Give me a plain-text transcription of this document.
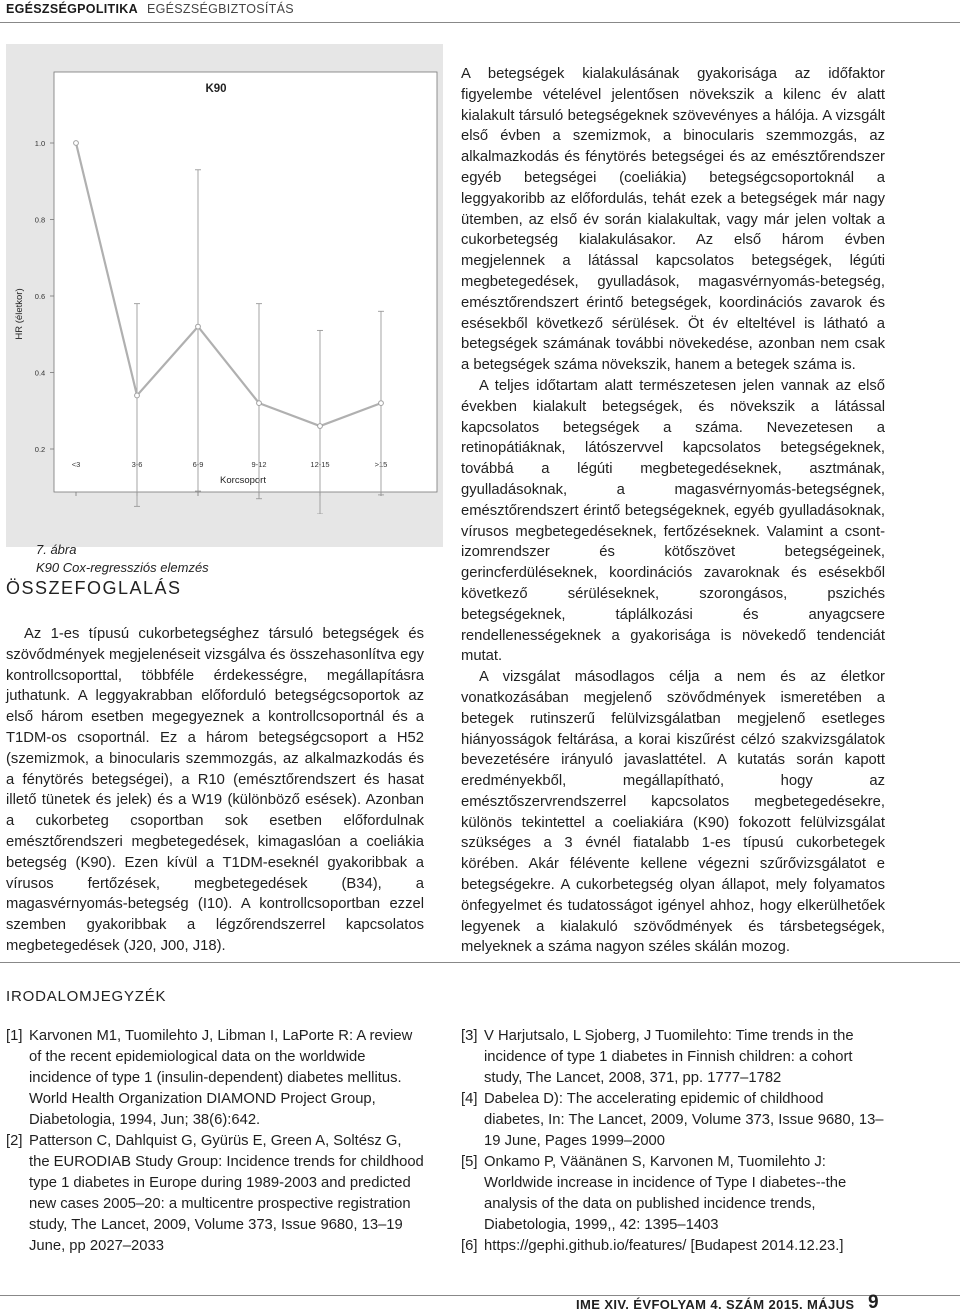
EGÉSZSÉGPOLITIKA EGÉSZSÉGBIZTOSÍTÁS
K90
HR (életkor)
Korcsoport
1.0
0.8
0.6
0.4
0.2
<3	3-6	6-9	9-12	12-15	>15
7. ábra
K90 Cox-regressziós elemzés
ÖSSZEFOGLALÁS

Az 1-es típusú cukorbetegséghez társuló betegségek és szövődmények megjelenéseit vizsgálva és összehasonlítva egy kontrollcsoporttal, többféle érdekességre, megállapításra juthatunk. A leggyakrabban előforduló betegségcsoportok az első három esetben megegyeznek a kontrollcsoportnál és a T1DM-os csoportnál. Ez a három betegségcsoport a H52 (szemizmok, a binocularis szemmozgás, az alkalmazkodás és a fénytörés betegségei), a R10 (emésztőrendszert és hasat illető tünetek és jelek) és a W19 (különböző esések). Azonban a cukorbeteg csoportban sok esetben előfordulnak emésztőrendszeri megbetegedések, kimagaslóan a coeliákia betegség (K90). Ezen kívül a T1DM-eseknél gyakoribbak a vírusos fertőzések, megbetegedések (B34), a magasvérnyomás-betegség (I10). A kontrollcsoportban ezzel szemben gyakoribbak a légzőrendszerrel kapcsolatos megbetegedések (J20, J00, J18).

A betegségek kialakulásának gyakorisága az időfaktor figyelembe vételével jelentősen növekszik a kilenc év alatt kialakult társuló betegségeknek szövevényes a hálója. A vizsgált első évben a szemizmok, a binocularis szemmozgás, az alkalmazkodás és fénytörés betegségei és az emésztőrendszer egyéb betegségei (coeliákia) betegségcsoportoknál a leggyakoribb az előfordulás, tehát ezek a betegségek már nagy ütemben, az első év során kialakultak, vagy már jelen voltak a cukorbetegség kialakulásakor. Az első három évben megjelennek a látással kapcsolatos betegségek, légúti megbetegedések, gyulladások, magasvérnyomás-betegség, emésztőrendszert érintő betegségek, koordinációs zavarok és esésekből következő sérülések. Öt év elteltével is látható a betegségek számának további növekedése, azonban nem csak a betegségek száma növekszik, hanem a betegek száma is.

A teljes időtartam alatt természetesen jelen vannak az első években kialakult betegségek, és növekszik a látással kapcsolatos betegségek a száma. Nevezetesen a retinopátiáknak, látószervvel kapcsolatos betegségeknek, továbbá a légúti megbetegedéseknek, asztmának, gyulladásoknak, a magasvérnyomás-betegségnek, emésztőrendszert érintő betegségeknek, egyéb gyulladásoknak, vírusos megbetegedéseknek, fertőzéseknek. Valamint a csont-izomrendszer és kötőszövet betegségeinek, gerincferdüléseknek, koordinációs zavaroknak és esésekből következő sérüléseknek, szorongásos, pszichés betegségeknek, táplálkozási és anyagcsere rendellenességeknek a gyakorisága is növekedő tendenciát mutat.

A vizsgálat másodlagos célja a nem és az életkor vonatkozásában megjelenő szövődmények ismeretében a betegek rutinszerű felülvizsgálatban megjelenő esetleges hiányosságok feltárása, a korai kiszűrést célzó szakvizsgálatok bevezetésére irányuló javaslattétel. A kutatás során kapott eredményekből, megállapítható, hogy az emésztőszervrendszerrel kapcsolatos megbetegedésekre, különös tekintettel a coeliakiára (K90) fokozott felülvizsgálat szükséges a 3 évnél fiatalabb 1-es típusú cukorbetegek körében. Akár félévente kellene végezni szűrővizsgálatot e betegségekre. A cukorbetegség olyan állapot, mely folyamatos önfegyelmet és tudatosságot igényel ahhoz, hogy elkerülhetőek legyenek a kialakuló szövődmények és társbetegségek, melyeknek a száma nagyon széles skálán mozog.

IRODALOMJEGYZÉK
[1] Karvonen M1, Tuomilehto J, Libman I, LaPorte R: A review of the recent epidemiological data on the worldwide incidence of type 1 (insulin-dependent) diabetes mellitus. World Health Organization DIAMOND Project Group, Diabetologia, 1994, Jun; 38(6):642.
[2] Patterson C, Dahlquist G, Gyürüs E, Green A, Soltész G, the EURODIAB Study Group: Incidence trends for childhood type 1 diabetes in Europe during 1989-2003 and predicted new cases 2005–20: a multicentre prospective registration study, The Lancet, 2009, Volume 373, Issue 9680, 13–19 June, pp 2027–2033
[3] V Harjutsalo, L Sjoberg, J Tuomilehto: Time trends in the incidence of type 1 diabetes in Finnish children: a cohort study, The Lancet, 2008, 371, pp. 1777–1782
[4] Dabelea D): The accelerating epidemic of childhood diabetes, In: The Lancet, 2009, Volume 373, Issue 9680, 13–19 June, Pages 1999–2000
[5] Onkamo P, Väänänen S, Karvonen M, Tuomilehto J: Worldwide increase in incidence of Type I diabetes--the analysis of the data on published incidence trends, Diabetologia, 1999,, 42: 1395–1403
[6] https://gephi.github.io/features/ [Budapest 2014.12.23.]
IME XIV. ÉVFOLYAM 4. SZÁM 2015. MÁJUS 9
